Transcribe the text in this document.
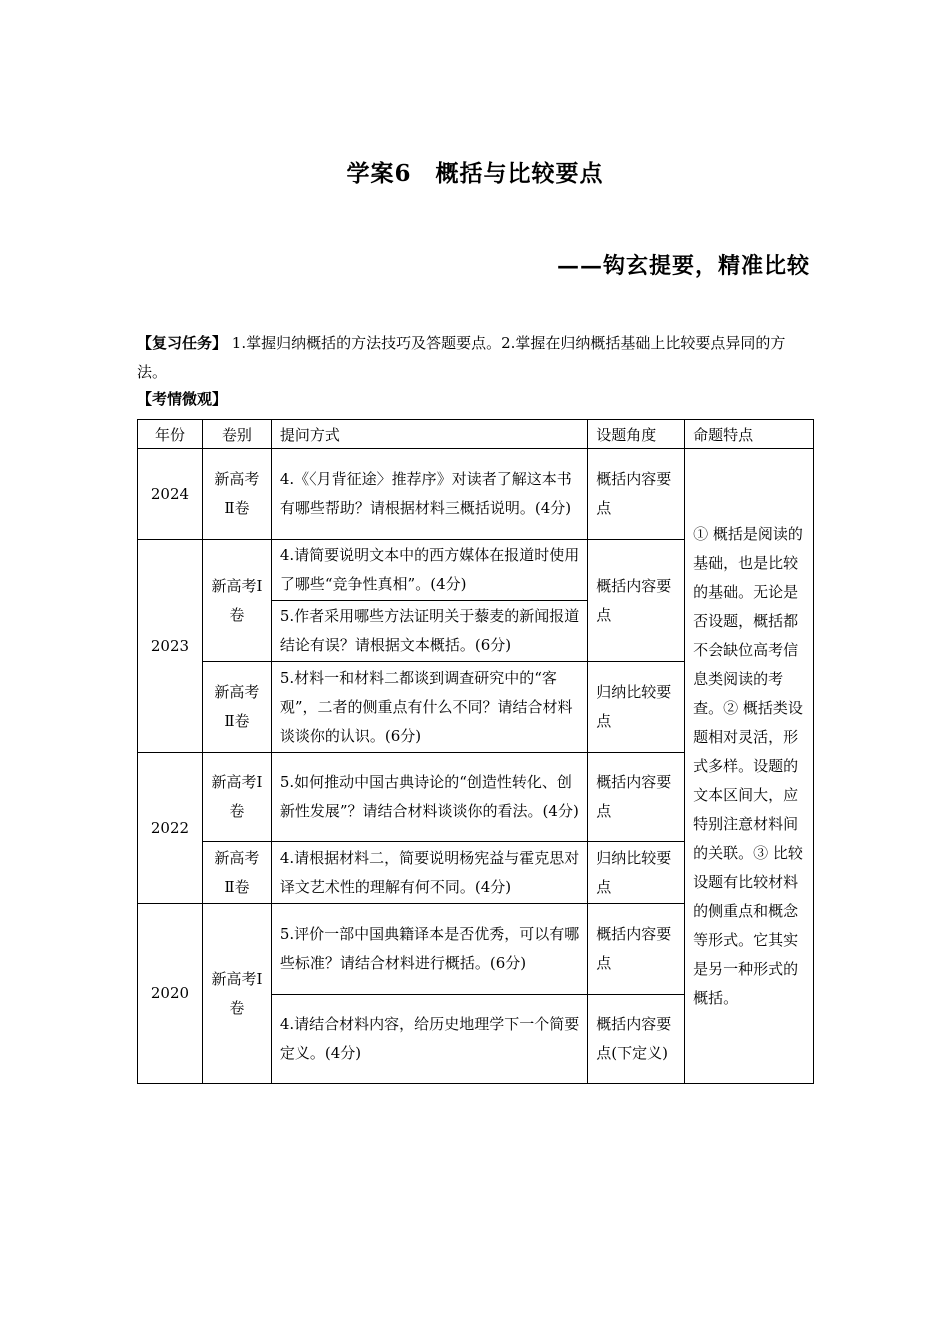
学案6　概括与比较要点
——钩玄提要，精准比较
【复习任务】 1.掌握归纳概括的方法技巧及答题要点。2.掌握在归纳概括基础上比较要点异同的方法。
【考情微观】
年份	卷别	提问方式	设题角度	命题特点
2024	新高考Ⅱ卷	4.《〈月背征途〉推荐序》对读者了解这本书有哪些帮助？请根据材料三概括说明。(4分)	概括内容要点	① 概括是阅读的基础，也是比较的基础。无论是否设题，概括都不会缺位高考信息类阅读的考查。② 概括类设题相对灵活，形式多样。设题的文本区间大，应特别注意材料间的关联。③ 比较设题有比较材料的侧重点和概念等形式。它其实是另一种形式的概括。
2023	新高考Ⅰ卷	4.请简要说明文本中的西方媒体在报道时使用了哪些“竞争性真相”。(4分)	概括内容要点	
		5.作者采用哪些方法证明关于藜麦的新闻报道结论有误？请根据文本概括。(6分)		
	新高考Ⅱ卷	5.材料一和材料二都谈到调查研究中的“客观”，二者的侧重点有什么不同？请结合材料谈谈你的认识。(6分)	归纳比较要点	
2022	新高考Ⅰ卷	5.如何推动中国古典诗论的“创造性转化、创新性发展”？请结合材料谈谈你的看法。(4分)	概括内容要点	
	新高考Ⅱ卷	4.请根据材料二，简要说明杨宪益与霍克思对译文艺术性的理解有何不同。(4分)	归纳比较要点	
2020	新高考Ⅰ卷	5.评价一部中国典籍译本是否优秀，可以有哪些标准？请结合材料进行概括。(6分)	概括内容要点	
		4.请结合材料内容，给历史地理学下一个简要定义。(4分)	概括内容要点(下定义)	
